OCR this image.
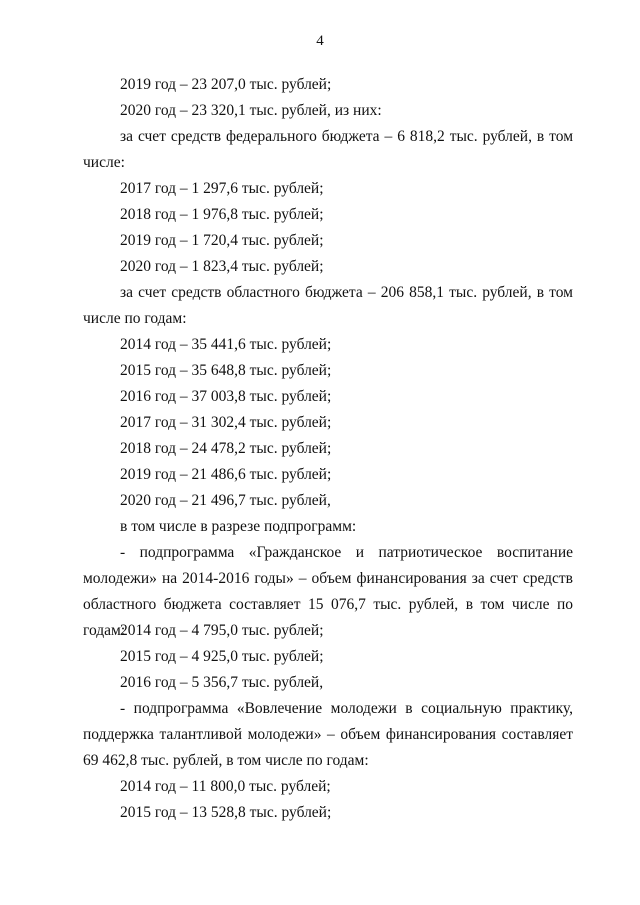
4
2019 год – 23 207,0 тыс. рублей;
2020 год – 23 320,1 тыс. рублей, из них:
за счет средств федерального бюджета – 6 818,2 тыс. рублей, в том
числе:
2017 год – 1 297,6 тыс. рублей;
2018 год – 1 976,8 тыс. рублей;
2019 год – 1 720,4 тыс. рублей;
2020 год – 1 823,4 тыс. рублей;
за счет средств областного бюджета – 206 858,1 тыс. рублей, в том
числе по годам:
2014 год – 35 441,6 тыс. рублей;
2015 год – 35 648,8 тыс. рублей;
2016 год – 37 003,8 тыс. рублей;
2017 год – 31 302,4 тыс. рублей;
2018 год – 24 478,2 тыс. рублей;
2019 год – 21 486,6 тыс. рублей;
2020 год – 21 496,7 тыс. рублей,
в том числе в разрезе подпрограмм:
- подпрограмма «Гражданское и патриотическое воспитание
молодежи» на 2014-2016 годы» – объем финансирования за счет средств
областного бюджета составляет 15 076,7 тыс. рублей, в том числе по годам:
2014 год – 4 795,0 тыс. рублей;
2015 год – 4 925,0 тыс. рублей;
2016 год – 5 356,7 тыс. рублей,
- подпрограмма «Вовлечение молодежи в социальную практику,
поддержка талантливой молодежи» – объем финансирования составляет
69 462,8 тыс. рублей, в том числе по годам:
2014 год – 11 800,0 тыс. рублей;
2015 год – 13 528,8 тыс. рублей;
